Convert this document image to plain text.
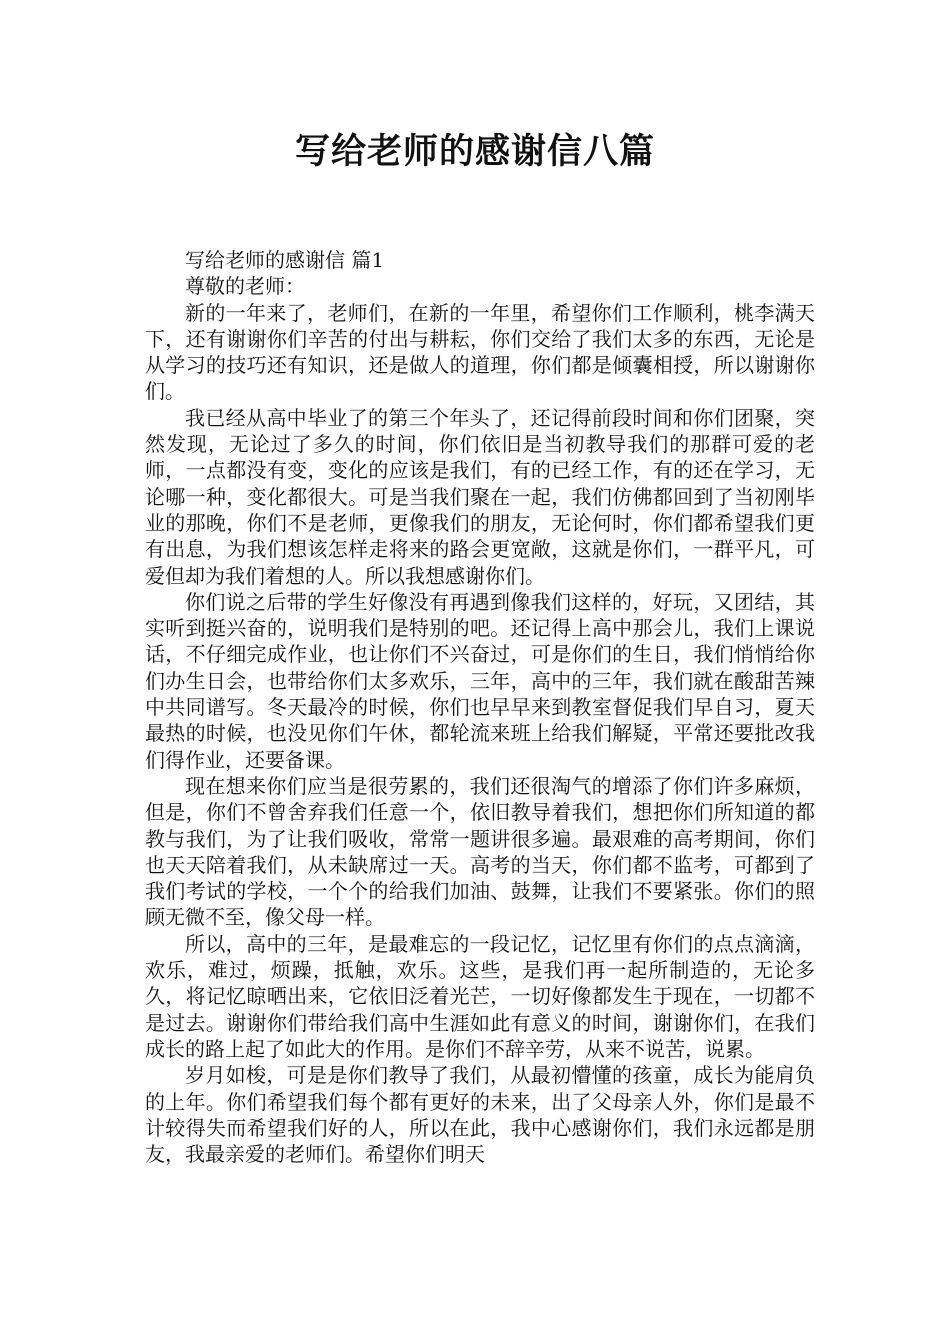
写给老师的感谢信八篇

写给老师的感谢信 篇1

尊敬的老师：

新的一年来了，老师们，在新的一年里，希望你们工作顺利，桃李满天下，还有谢谢你们辛苦的付出与耕耘，你们交给了我们太多的东西，无论是从学习的技巧还有知识，还是做人的道理，你们都是倾囊相授，所以谢谢你们。

我已经从高中毕业了的第三个年头了，还记得前段时间和你们团聚，突然发现，无论过了多久的时间，你们依旧是当初教导我们的那群可爱的老师，一点都没有变，变化的应该是我们，有的已经工作，有的还在学习，无论哪一种，变化都很大。可是当我们聚在一起，我们仿佛都回到了当初刚毕业的那晚，你们不是老师，更像我们的朋友，无论何时，你们都希望我们更有出息，为我们想该怎样走将来的路会更宽敞，这就是你们，一群平凡，可爱但却为我们着想的人。所以我想感谢你们。

你们说之后带的学生好像没有再遇到像我们这样的，好玩，又团结，其实听到挺兴奋的，说明我们是特别的吧。还记得上高中那会儿，我们上课说话，不仔细完成作业，也让你们不兴奋过，可是你们的生日，我们悄悄给你们办生日会，也带给你们太多欢乐，三年，高中的三年，我们就在酸甜苦辣中共同谱写。冬天最冷的时候，你们也早早来到教室督促我们早自习，夏天最热的时候，也没见你们午休，都轮流来班上给我们解疑，平常还要批改我们得作业，还要备课。

现在想来你们应当是很劳累的，我们还很淘气的增添了你们许多麻烦，但是，你们不曾舍弃我们任意一个，依旧教导着我们，想把你们所知道的都教与我们，为了让我们吸收，常常一题讲很多遍。最艰难的高考期间，你们也天天陪着我们，从未缺席过一天。高考的当天，你们都不监考，可都到了我们考试的学校，一个个的给我们加油、鼓舞，让我们不要紧张。你们的照顾无微不至，像父母一样。

所以，高中的三年，是最难忘的一段记忆，记忆里有你们的点点滴滴，欢乐，难过，烦躁，抵触，欢乐。这些，是我们再一起所制造的，无论多久，将记忆晾晒出来，它依旧泛着光芒，一切好像都发生于现在，一切都不是过去。谢谢你们带给我们高中生涯如此有意义的时间，谢谢你们，在我们成长的路上起了如此大的作用。是你们不辞辛劳，从来不说苦，说累。

岁月如梭，可是是你们教导了我们，从最初懵懂的孩童，成长为能肩负的上年。你们希望我们每个都有更好的未来，出了父母亲人外，你们是最不计较得失而希望我们好的人，所以在此，我中心感谢你们，我们永远都是朋友，我最亲爱的老师们。希望你们明天
